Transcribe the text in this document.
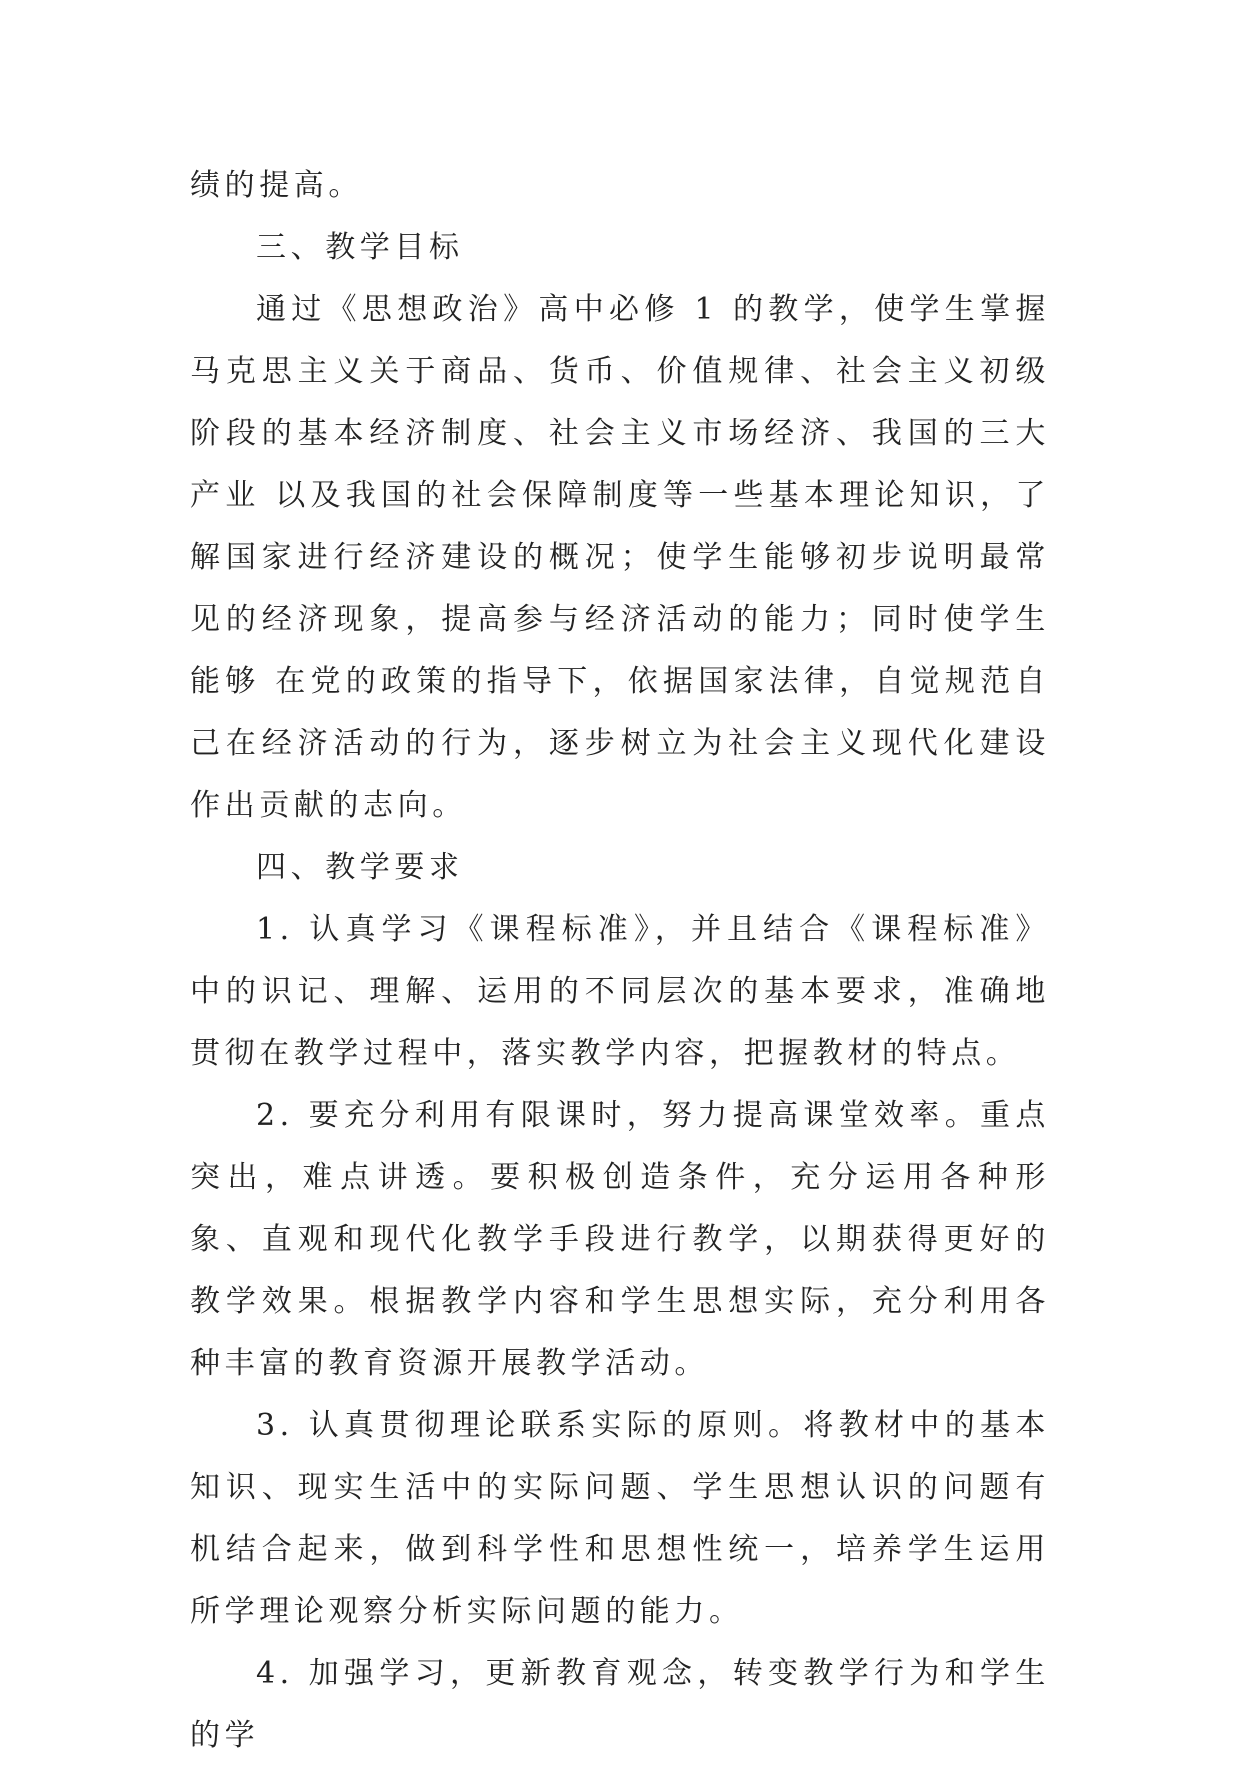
绩的提高。

三、教学目标

通过《思想政治》高中必修 1 的教学，使学生掌握马克思主义关于商品、货币、价值规律、社会主义初级阶段的基本经济制度、社会主义市场经济、我国的三大产业 以及我国的社会保障制度等一些基本理论知识，了解国家进行经济建设的概况；使学生能够初步说明最常见的经济现象，提高参与经济活动的能力；同时使学生能够 在党的政策的指导下，依据国家法律，自觉规范自己在经济活动的行为，逐步树立为社会主义现代化建设作出贡献的志向。

四、教学要求

1. 认真学习《课程标准》，并且结合《课程标准》中的识记、理解、运用的不同层次的基本要求，准确地贯彻在教学过程中，落实教学内容，把握教材的特点。

2. 要充分利用有限课时，努力提高课堂效率。重点突出，难点讲透。要积极创造条件，充分运用各种形象、直观和现代化教学手段进行教学，以期获得更好的教学效果。根据教学内容和学生思想实际，充分利用各种丰富的教育资源开展教学活动。

3. 认真贯彻理论联系实际的原则。将教材中的基本知识、现实生活中的实际问题、学生思想认识的问题有机结合起来，做到科学性和思想性统一，培养学生运用所学理论观察分析实际问题的能力。

4. 加强学习，更新教育观念，转变教学行为和学生的学
